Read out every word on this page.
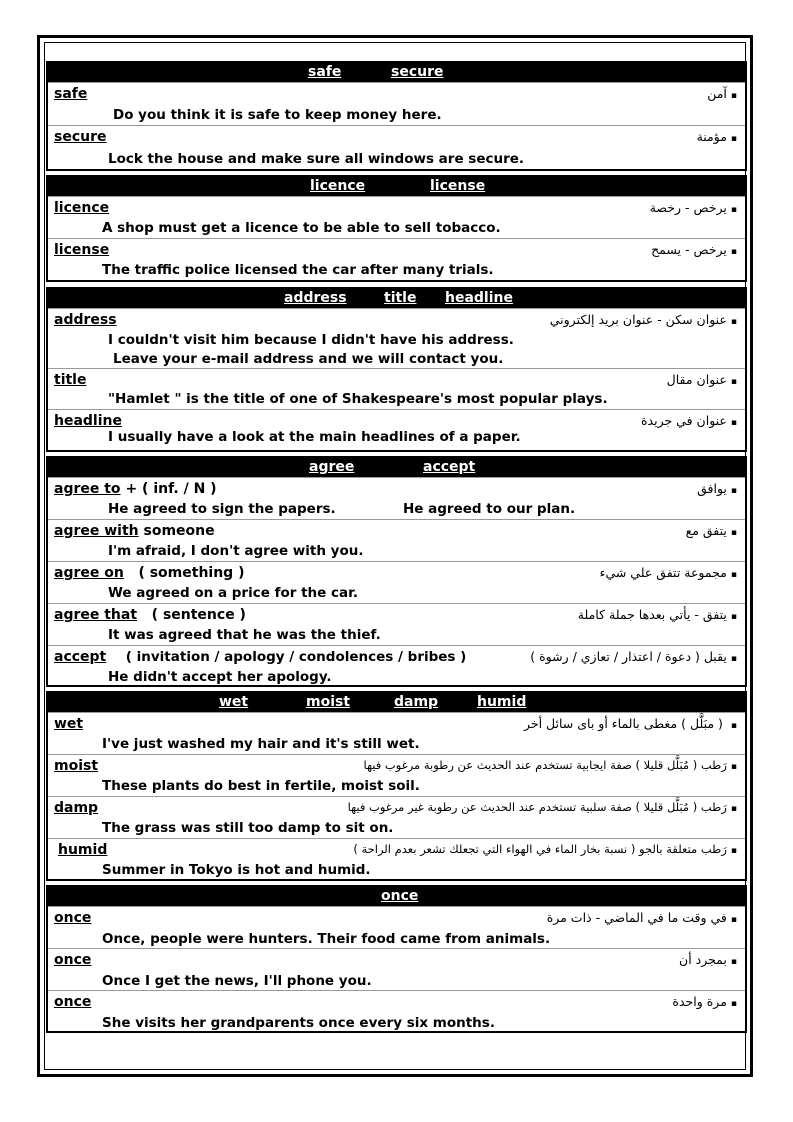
safe	secure
safe	▪آمن
Do you think it is safe to keep money here.
secure	▪مؤمنة
Lock the house and make sure all windows are secure.
licence	license
licence	▪يرخص - رخصة
A shop must get a licence to be able to sell tobacco.
license	▪يرخص - يسمح
The traffic police licensed the car after many trials.
address	title headline
address	▪عنوان سكن - عنوان بريد إلكتروني
I couldn't visit him because I didn't have his address.
Leave your e-mail address and we will contact you.
title	▪عنوان مقال
"Hamlet " is the title of one of Shakespeare's most popular plays.
headline	▪عنوان في جريدة
I usually have a look at the main headlines of a paper.
agree	accept
agree to + ( inf. / N )	▪يوافق
He agreed to sign the papers.	He agreed to our plan.
agree with someone	▪يتفق مع
I'm afraid, I don't agree with you.
agree on ( something )	▪مجموعة تتفق علي شيء
We agreed on a price for the car.
agree that ( sentence )	▪يتفق - يأتي بعدها جملة كاملة
It was agreed that he was the thief.
accept ( invitation / apology / condolences / bribes )	▪يقبل ( دعوة / اعتذار / تعازي / رشوة )
He didn't accept her apology.
wet	moist	damp	humid
wet	▪ ( مبَلَّل ) مغطى بالماء أو باى سائل أخر
I've just washed my hair and it's still wet.
moist	▪رَطب ( مُبَلَّل قليلا ) صفة ايجابية تستخدم عند الحديث عن رطوبة مرغوب فيها
These plants do best in fertile, moist soil.
damp	▪رَطب ( مُبَلَّل قليلا ) صفة سلبية تستخدم عند الحديث عن رطوبة غير مرغوب فيها
The grass was still too damp to sit on.
humid	▪رَطب متعلقة بالجو ( نسبة بخار الماء في الهواء التي تجعلك تشعر بعدم الراحة )
Summer in Tokyo is hot and humid.
once
once	▪في وقت ما في الماضي - ذات مرة
Once, people were hunters. Their food came from animals.
once	▪بمجرد أن
Once I get the news, I'll phone you.
once	▪مرة واحدة
She visits her grandparents once every six months.
